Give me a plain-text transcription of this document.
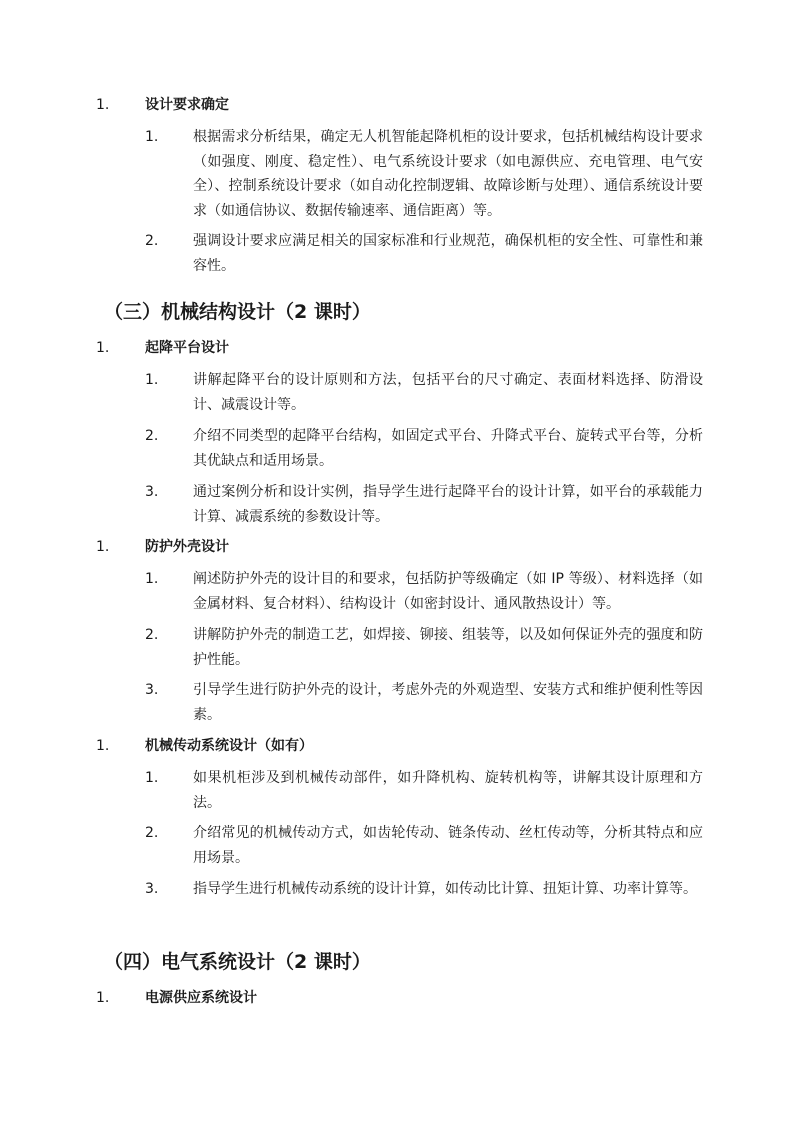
1.	设计要求确定
1. 根据需求分析结果，确定无人机智能起降机柜的设计要求，包括机械结构设计要求（如强度、刚度、稳定性）、电气系统设计要求（如电源供应、充电管理、电气安全）、控制系统设计要求（如自动化控制逻辑、故障诊断与处理）、通信系统设计要求（如通信协议、数据传输速率、通信距离）等。
2. 强调设计要求应满足相关的国家标准和行业规范，确保机柜的安全性、可靠性和兼容性。
（三）机械结构设计（2 课时）
1.	起降平台设计
1. 讲解起降平台的设计原则和方法，包括平台的尺寸确定、表面材料选择、防滑设计、减震设计等。
2. 介绍不同类型的起降平台结构，如固定式平台、升降式平台、旋转式平台等，分析其优缺点和适用场景。
3. 通过案例分析和设计实例，指导学生进行起降平台的设计计算，如平台的承载能力计算、减震系统的参数设计等。
1.	防护外壳设计
1. 阐述防护外壳的设计目的和要求，包括防护等级确定（如 IP 等级）、材料选择（如金属材料、复合材料）、结构设计（如密封设计、通风散热设计）等。
2. 讲解防护外壳的制造工艺，如焊接、铆接、组装等，以及如何保证外壳的强度和防护性能。
3. 引导学生进行防护外壳的设计，考虑外壳的外观造型、安装方式和维护便利性等因素。
1.	机械传动系统设计（如有）
1. 如果机柜涉及到机械传动部件，如升降机构、旋转机构等，讲解其设计原理和方法。
2. 介绍常见的机械传动方式，如齿轮传动、链条传动、丝杠传动等，分析其特点和应用场景。
3. 指导学生进行机械传动系统的设计计算，如传动比计算、扭矩计算、功率计算等。
（四）电气系统设计（2 课时）
1.	电源供应系统设计
